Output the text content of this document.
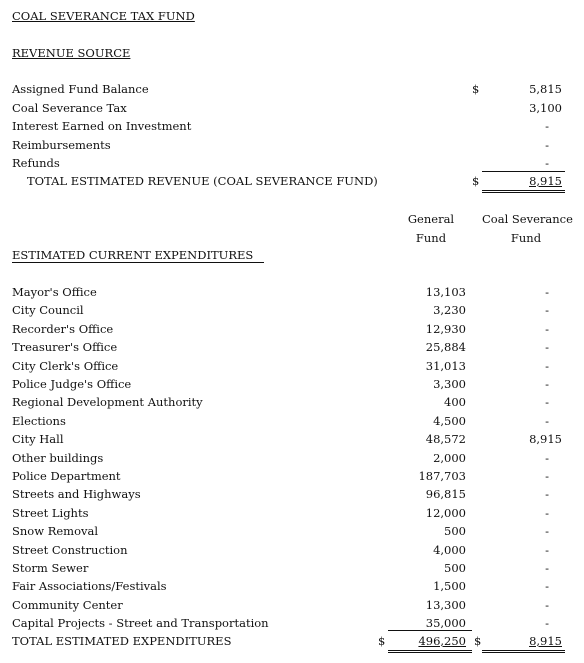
COAL SEVERANCE TAX FUND
REVENUE SOURCE
$
Assigned Fund Balance	5,815
Coal Severance Tax	3,100
Interest Earned on Investment	-
Reimbursements	-
Refunds	-
TOTAL ESTIMATED REVENUE (COAL SEVERANCE FUND)	$	8,915
General
Fund
Coal Severance
Fund
ESTIMATED CURRENT EXPENDITURES
Mayor's Office	13,103	-
City Council	3,230	-
Recorder's Office	12,930	-
Treasurer's Office	25,884	-
City Clerk's Office	31,013	-
Police Judge's Office	3,300	-
Regional Development Authority	400	-
Elections	4,500	-
City Hall	48,572	8,915
Other buildings	2,000	-
Police Department	187,703	-
Streets and Highways	96,815	-
Street Lights	12,000	-
Snow Removal	500	-
Street Construction	4,000	-
Storm Sewer	500	-
Fair Associations/Festivals	1,500	-
Community Center	13,300	-
Capital Projects - Street and Transportation	35,000	-
TOTAL ESTIMATED EXPENDITURES	$	496,250 $	8,915
